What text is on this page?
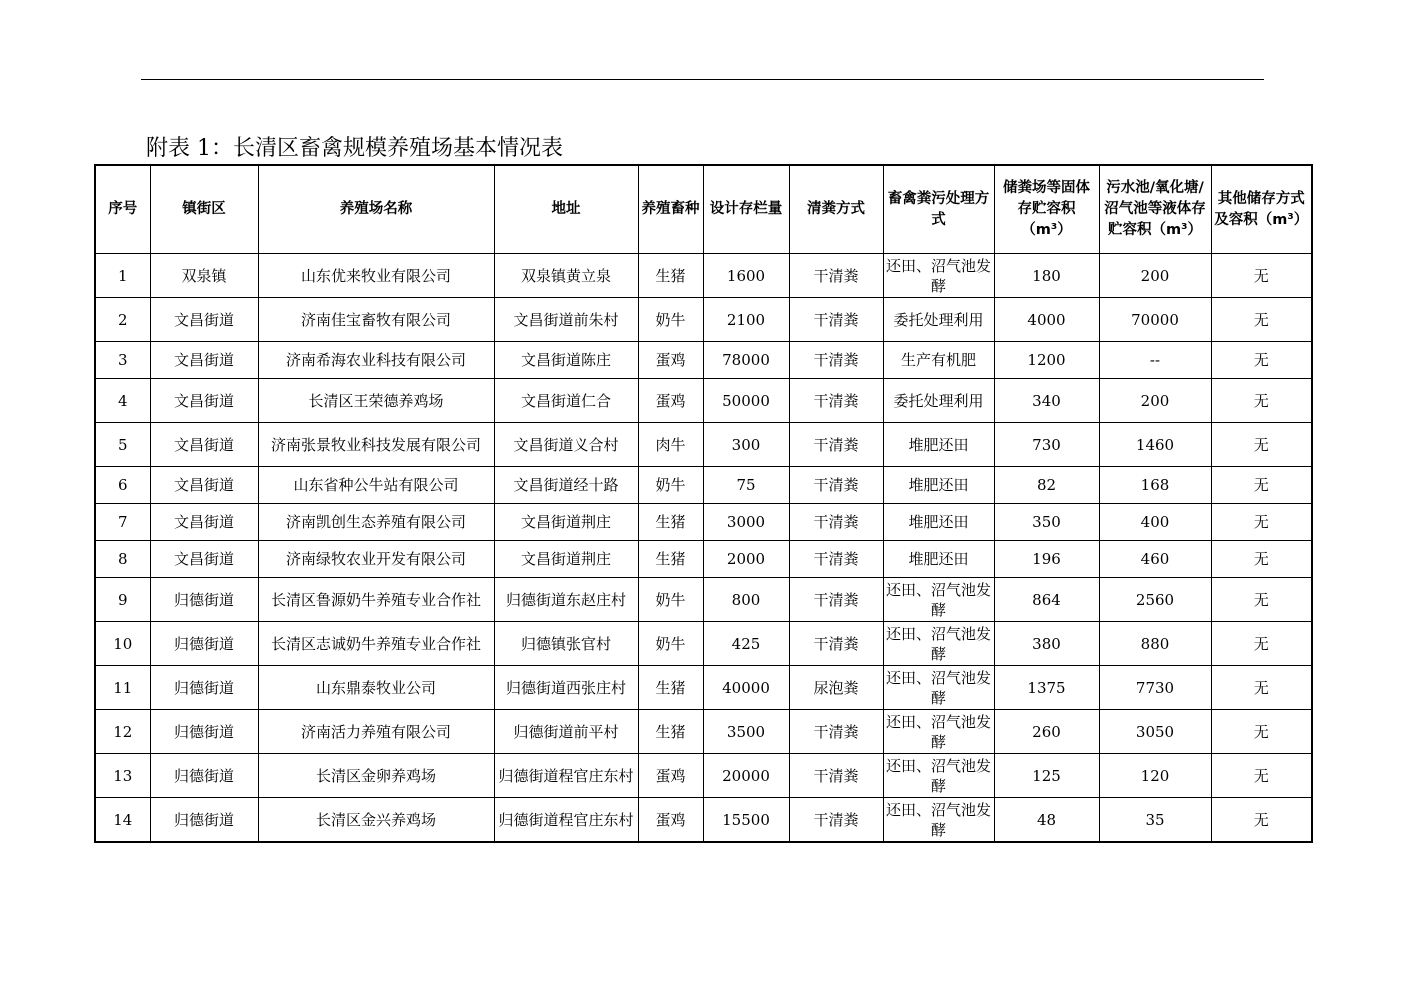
附表 1：长清区畜禽规模养殖场基本情况表
序号	镇街区	养殖场名称	地址	养殖畜种	设计存栏量	清粪方式	畜禽粪污处理方式	储粪场等固体存贮容积（m³）	污水池/氧化塘/沼气池等液体存贮容积（m³）	其他储存方式及容积（m³）
1	双泉镇	山东优来牧业有限公司	双泉镇黄立泉	生猪	1600	干清粪	还田、沼气池发酵	180	200	无
2	文昌街道	济南佳宝畜牧有限公司	文昌街道前朱村	奶牛	2100	干清粪	委托处理利用	4000	70000	无
3	文昌街道	济南希海农业科技有限公司	文昌街道陈庄	蛋鸡	78000	干清粪	生产有机肥	1200	--	无
4	文昌街道	长清区王荣德养鸡场	文昌街道仁合	蛋鸡	50000	干清粪	委托处理利用	340	200	无
5	文昌街道	济南张景牧业科技发展有限公司	文昌街道义合村	肉牛	300	干清粪	堆肥还田	730	1460	无
6	文昌街道	山东省种公牛站有限公司	文昌街道经十路	奶牛	75	干清粪	堆肥还田	82	168	无
7	文昌街道	济南凯创生态养殖有限公司	文昌街道荆庄	生猪	3000	干清粪	堆肥还田	350	400	无
8	文昌街道	济南绿牧农业开发有限公司	文昌街道荆庄	生猪	2000	干清粪	堆肥还田	196	460	无
9	归德街道	长清区鲁源奶牛养殖专业合作社	归德街道东赵庄村	奶牛	800	干清粪	还田、沼气池发酵	864	2560	无
10	归德街道	长清区志诚奶牛养殖专业合作社	归德镇张官村	奶牛	425	干清粪	还田、沼气池发酵	380	880	无
11	归德街道	山东鼎泰牧业公司	归德街道西张庄村	生猪	40000	尿泡粪	还田、沼气池发酵	1375	7730	无
12	归德街道	济南活力养殖有限公司	归德街道前平村	生猪	3500	干清粪	还田、沼气池发酵	260	3050	无
13	归德街道	长清区金卵养鸡场	归德街道程官庄东村	蛋鸡	20000	干清粪	还田、沼气池发酵	125	120	无
14	归德街道	长清区金兴养鸡场	归德街道程官庄东村	蛋鸡	15500	干清粪	还田、沼气池发酵	48	35	无
